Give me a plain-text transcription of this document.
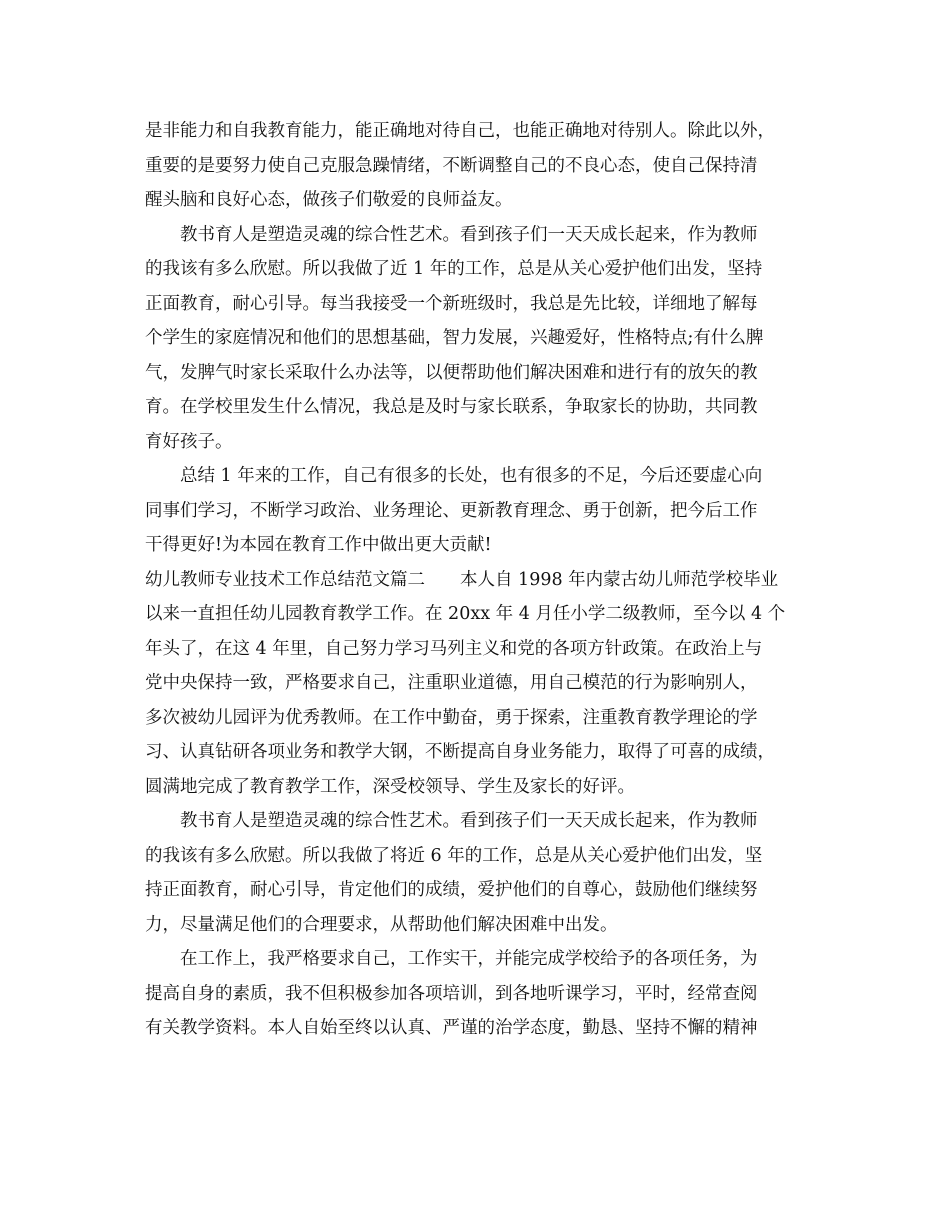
是非能力和自我教育能力，能正确地对待自己，也能正确地对待别人。除此以外，
重要的是要努力使自己克服急躁情绪，不断调整自己的不良心态，使自己保持清
醒头脑和良好心态，做孩子们敬爱的良师益友。
　　教书育人是塑造灵魂的综合性艺术。看到孩子们一天天成长起来，作为教师
的我该有多么欣慰。所以我做了近 1 年的工作，总是从关心爱护他们出发，坚持
正面教育，耐心引导。每当我接受一个新班级时，我总是先比较，详细地了解每
个学生的家庭情况和他们的思想基础，智力发展，兴趣爱好，性格特点;有什么脾
气，发脾气时家长采取什么办法等，以便帮助他们解决困难和进行有的放矢的教
育。在学校里发生什么情况，我总是及时与家长联系，争取家长的协助，共同教
育好孩子。
　　总结 1 年来的工作，自己有很多的长处，也有很多的不足，今后还要虚心向
同事们学习，不断学习政治、业务理论、更新教育理念、勇于创新，把今后工作
干得更好!为本园在教育工作中做出更大贡献!
幼儿教师专业技术工作总结范文篇二　　本人自 1998 年内蒙古幼儿师范学校毕业
以来一直担任幼儿园教育教学工作。在 20xx 年 4 月任小学二级教师，至今以 4 个
年头了，在这 4 年里，自己努力学习马列主义和党的各项方针政策。在政治上与
党中央保持一致，严格要求自己，注重职业道德，用自己模范的行为影响别人，
多次被幼儿园评为优秀教师。在工作中勤奋，勇于探索，注重教育教学理论的学
习、认真钻研各项业务和教学大钢，不断提高自身业务能力，取得了可喜的成绩，
圆满地完成了教育教学工作，深受校领导、学生及家长的好评。
　　教书育人是塑造灵魂的综合性艺术。看到孩子们一天天成长起来，作为教师
的我该有多么欣慰。所以我做了将近 6 年的工作，总是从关心爱护他们出发，坚
持正面教育，耐心引导，肯定他们的成绩，爱护他们的自尊心，鼓励他们继续努
力，尽量满足他们的合理要求，从帮助他们解决困难中出发。
　　在工作上，我严格要求自己，工作实干，并能完成学校给予的各项任务，为
提高自身的素质，我不但积极参加各项培训，到各地听课学习，平时，经常查阅
有关教学资料。本人自始至终以认真、严谨的治学态度，勤恳、坚持不懈的精神
